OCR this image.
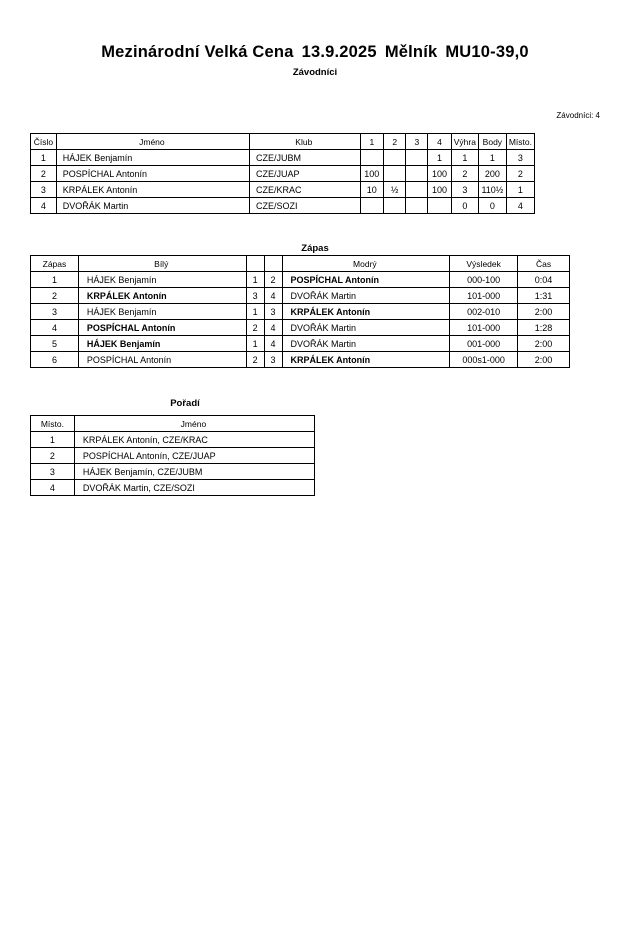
Mezinárodní Velká Cena 13.9.2025 Mělník MU10-39,0
Závodníci
Závodníci: 4
Číslo	Jméno	Klub	1	2	3	4	Výhra	Body	Místo.
1	HÁJEK Benjamín	CZE/JUBM				1	1	1	3
2	POSPÍCHAL Antonín	CZE/JUAP	100			100	2	200	2
3	KRPÁLEK Antonín	CZE/KRAC	10	½		100	3	110½	1
4	DVOŘÁK Martin	CZE/SOZI					0	0	4
Zápas
Zápas	Bílý			Modrý	Výsledek	Čas
1	HÁJEK Benjamín	1	2	POSPÍCHAL Antonín	000-100	0:04
2	KRPÁLEK Antonín	3	4	DVOŘÁK Martin	101-000	1:31
3	HÁJEK Benjamín	1	3	KRPÁLEK Antonín	002-010	2:00
4	POSPÍCHAL Antonín	2	4	DVOŘÁK Martin	101-000	1:28
5	HÁJEK Benjamín	1	4	DVOŘÁK Martin	001-000	2:00
6	POSPÍCHAL Antonín	2	3	KRPÁLEK Antonín	000s1-000	2:00
Pořadí
Místo.	Jméno
1	KRPÁLEK Antonín, CZE/KRAC
2	POSPÍCHAL Antonín, CZE/JUAP
3	HÁJEK Benjamín, CZE/JUBM
4	DVOŘÁK Martin, CZE/SOZI
